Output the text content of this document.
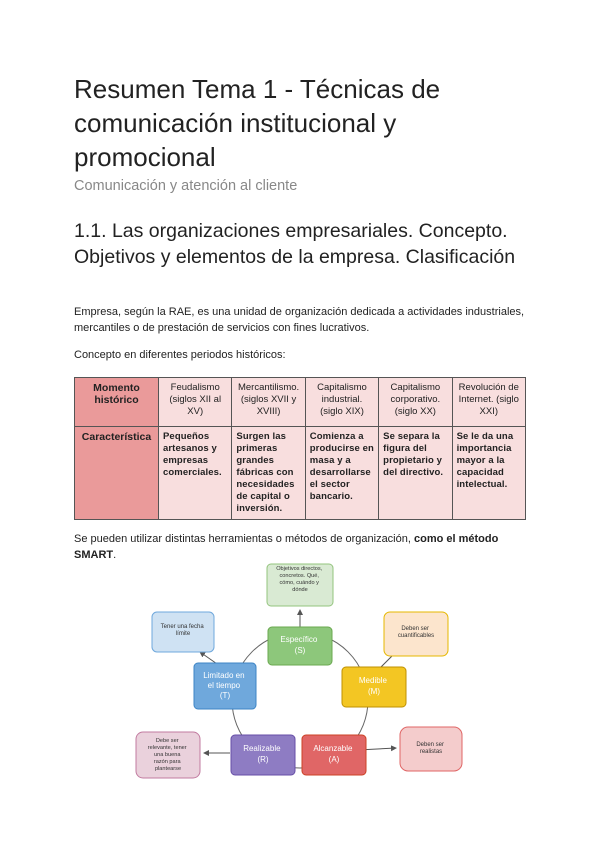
Resumen Tema 1 - Técnicas de comunicación institucional y promocional

Comunicación y atención al cliente

1.1. Las organizaciones empresariales. Concepto. Objetivos y elementos de la empresa. Clasificación

Empresa, según la RAE, es una unidad de organización dedicada a actividades industriales, mercantiles o de prestación de servicios con fines lucrativos.

Concepto en diferentes periodos históricos:

Momento histórico	Feudalismo (siglos XII al XV)	Mercantilismo. (siglos XVII y XVIII)	Capitalismo industrial. (siglo XIX)	Capitalismo corporativo. (siglo XX)	Revolución de Internet. (siglo XXI)
Característica	Pequeños artesanos y empresas comerciales.	Surgen las primeras grandes fábricas con necesidades de capital o inversión.	Comienza a producirse en masa y a desarrollarse el sector bancario.	Se separa la figura del propietario y del directivo.	Se le da una importancia mayor a la capacidad intelectual.

Se pueden utilizar distintas herramientas o métodos de organización, como el método SMART.

Objetivos directos, concretos. Qué, cómo, cuándo y dónde
Deben ser cuantificables
Tener una fecha límite
Deben ser realistas
Debe ser relevante, tener una buena razón para plantearse
Específico (S)
Medible (M)
Limitado en el tiempo (T)
Realizable (R)
Alcanzable (A)
